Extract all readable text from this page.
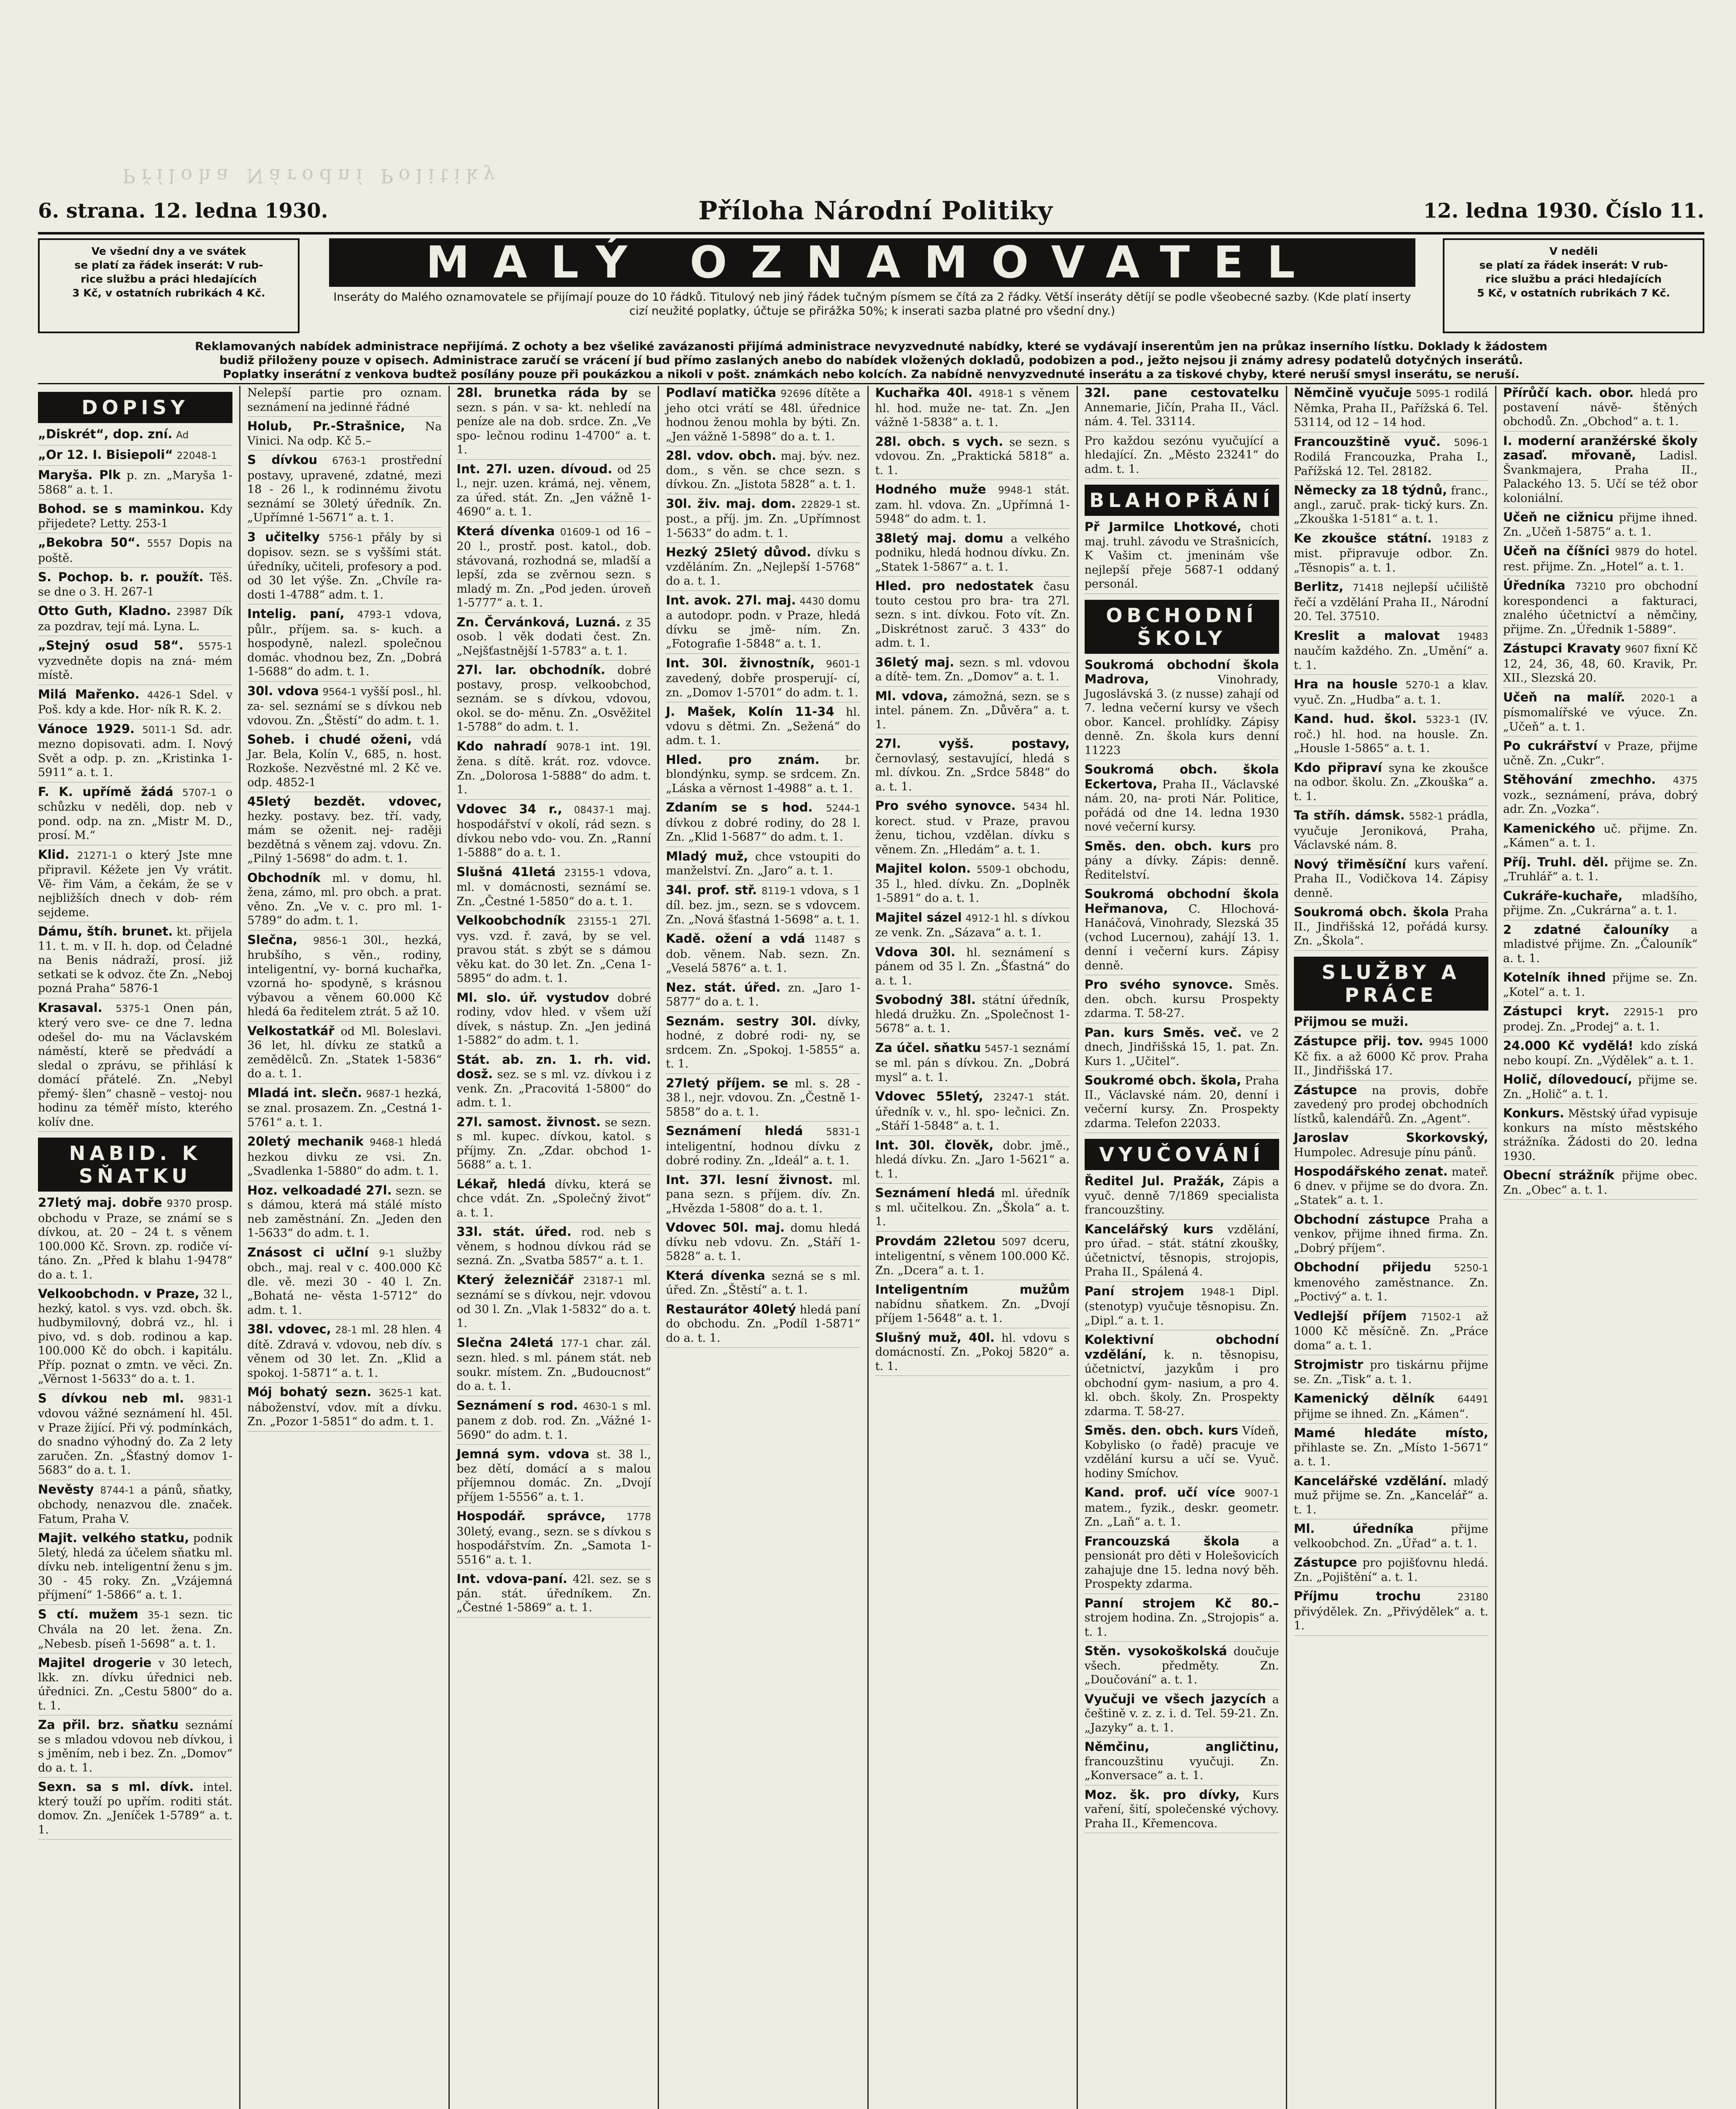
Příloha Národní Politiky
6. strana. 12. ledna 1930.	Příloha Národní Politiky	12. ledna 1930. Číslo 11.
Ve všední dny a ve svátek
se platí za řádek inserát: V rub-
rice službu a práci hledajících
3 Kč, v ostatních rubrikách 4 Kč.
MALÝ OZNAMOVATEL
Inseráty do Malého oznamovatele se přijímají pouze do 10 řádků. Titulový neb jiný řádek tučným písmem se čítá za 2 řádky. Větší inseráty dětíjí se podle všeobecné sazby. (Kde platí inserty cizí neužité poplatky, účtuje se přirážka 50%; k inserati sazba platné pro všední dny.)
V neděli
se platí za řádek inserát: V rub-
rice službu a práci hledajících
5 Kč, v ostatních rubrikách 7 Kč.
Reklamovaných nabídek administrace nepřijímá. Z ochoty a bez všeliké zavázanosti přijímá administrace nevyzvednuté nabídky, které se vydávají inserentům jen na průkaz inserního lístku. Doklady k žádostem
budiž přiloženy pouze v opisech. Administrace zaručí se vrácení jí bud přímo zaslaných anebo do nabídek vložených dokladů, podobizen a pod., ježto nejsou ji známy adresy podatelů dotyčných inserátů.
Poplatky inserátní z venkova budtež posílány pouze při poukázkou a nikoli v pošt. známkách nebo kolcích. Za nabídně nenvyzvednuté inserátu a za tiskové chyby, které neruší smysl inserátu, se neruší.
DOPISY
„Diskrét“, dop. zní. Ad
„Or 12. I. Bisiepoli“ 22048-1
Maryša. Plk p. zn. „Maryša 1-5868“ a. t. 1.
Bohod. se s maminkou. Kdy přijedete? Letty. 253-1
„Bekobra 50“. 5557 Dopis na poště.
S. Pochop. b. r. použít. Těš. se dne o 3. H. 267-1
Otto Guth, Kladno. 23987 Dík za pozdrav, tejí má. Lyna. L.
„Stejný osud 58“. 5575-1 vyzvedněte dopis na zná- mém místě.
Milá Mařenko. 4426-1 Sdel. v Poš. kdy a kde. Hor- ník R. K. 2.
Vánoce 1929. 5011-1 Sd. adr. mezno dopisovati. adm. I. Nový Svět a odp. p. zn. „Kristinka 1-5911“ a. t. 1.
F. K. upřímě žádá 5707-1 o schůzku v neděli, dop. neb v pond. odp. na zn. „Mistr M. D., prosí. M.“
Klid. 21271-1 o který Jste mne připravil. Kéžete jen Vy vrátit. Vě- řim Vám, a čekám, že se v nejbližších dnech v dob- rém sejdeme.
Dámu, štíh. brunet. kt. přijela 11. t. m. v II. h. dop. od Čeladné na Benis nádraží, prosí. již setkati se k odvoz. čte Zn. „Neboj pozná Praha“ 5876-1
Krasaval. 5375-1 Onen pán, který vero sve- ce dne 7. ledna odešel do- mu na Václavském náměstí, kterě se předvádí a sledal o zprávu, se přihlásí k domácí přátelé. Zn. „Nebyl přemý- šlen“ chasně – vestoj- nou hodinu za téměř místo, kterého kolív dne.
NABID. K SŇATKU
27letý maj. dobře 9370 prosp. obchodu v Praze, se známí se s dívkou, at. 20 – 24 t. s věnem 100.000 Kč. Srovn. zp. rodiče ví- táno. Zn. „Před k blahu 1-9478“ do a. t. 1.
Velkoobchodn. v Praze, 32 l., hezký, katol. s vys. vzd. obch. šk. hudbymilovný, dobrá vz., hl. i pivo, vd. s dob. rodinou a kap. 100.000 Kč do obch. i kapitálu. Příp. poznat o zmtn. ve věci. Zn. „Věrnost 1-5633“ do a. t. 1.
S dívkou neb ml. 9831-1 vdovou vážné seznámení hl. 45l. v Praze žijící. Při vý. podmínkách, do snadno výhodný do. Za 2 lety zaručen. Zn. „Šťastný domov 1-5683“ do a. t. 1.
Nevěsty 8744-1 a pánů, sňatky, obchody, nenazvou dle. značek. Fatum, Praha V.
Majit. velkého statku, podnik 5letý, hledá za účelem sňatku ml. dívku neb. inteligentní ženu s jm. 30 - 45 roky. Zn. „Vzájemná příjmení“ 1-5866“ a. t. 1.
S ctí. mužem 35-1 sezn. tic Chvála na 20 let. žena. Zn. „Nebesb. píseň 1-5698“ a. t. 1.
Majitel drogerie v 30 letech, lkk. zn. dívku úřednici neb. úřednici. Zn. „Cestu 5800“ do a. t. 1.
Za přil. brz. sňatku seznámí se s mladou vdovou neb dívkou, i s jměním, neb i bez. Zn. „Domov“ do a. t. 1.
Sexn. sa s ml. dívk. intel. který touží po upřím. roditi stát. domov. Zn. „Jeníček 1-5789“ a. t. 1.
Nelepší partie pro oznam. seznámení na jedinné řádné
Holub, Pr.-Strašnice, Na Vinici. Na odp. Kč 5.–
S dívkou 6763-1 prostřední postavy, upravené, zdatné, mezi 18 - 26 l., k rodinnému životu seznámí se 30letý úředník. Zn. „Upřímné 1-5671“ a. t. 1.
3 učitelky 5756-1 přály by si dopisov. sezn. se s vyššími stát. úředníky, učiteli, profesory a pod. od 30 let výše. Zn. „Chvíle ra- dosti 1-4788“ adm. t. 1.
Intelig. paní, 4793-1 vdova, půlr., příjem. sa. s- kuch. a hospodyně, nalezl. společnou domác. vhodnou bez, Zn. „Dobrá 1-5688“ do adm. t. 1.
30l. vdova 9564-1 vyšší posl., hl. za- sel. seznámí se s dívkou neb vdovou. Zn. „Štěstí“ do adm. t. 1.
Soheb. i chudé oženi, vdá Jar. Bela, Kolín V., 685, n. host. Rozkoše. Nezvěstné ml. 2 Kč ve. odp. 4852-1
45letý bezdět. vdovec, hezky. postavy. bez. tří. vady, mám se oženit. nej- raději bezdětná s věnem zaj. vdovu. Zn. „Pilný 1-5698“ do adm. t. 1.
Obchodník ml. v domu, hl. žena, zámo, ml. pro obch. a prat. věno. Zn. „Ve v. c. pro ml. 1- 5789“ do adm. t. 1.
Slečna, 9856-1 30l., hezká, hrubšího, s věn., rodiny, inteligentní, vy- borná kuchařka, vzorná ho- spodyně, s krásnou výbavou a věnem 60.000 Kč hledá 6a ředitelem ztrát. 5 až 10.
Velkostatkář od Ml. Boleslavi. 36 let, hl. dívku ze statků a zemědělců. Zn. „Statek 1-5836“ do a. t. 1.
Mladá int. slečn. 9687-1 hezká, se znal. prosazem. Zn. „Cestná 1-5761“ a. t. 1.
20letý mechanik 9468-1 hledá hezkou divku ze vsi. Zn. „Svadlenka 1-5880“ do adm. t. 1.
Hoz. velkoadadé 27l. sezn. se s dámou, která má stálé místo neb zaměstnání. Zn. „Jeden den 1-5633“ do adm. t. 1.
Znásost ci učlní 9-1 služby obch., maj. real v c. 400.000 Kč dle. vě. mezi 30 - 40 l. Zn. „Bohatá ne- věsta 1-5712“ do adm. t. 1.
38l. vdovec, 28-1 ml. 28 hlen. 4 dítě. Zdravá v. vdovou, neb dív. s věnem od 30 let. Zn. „Klid a spokoj. 1-5871“ a. t. 1.
Mój bohatý sezn. 3625-1 kat. náboženství, vdov. mít a dívku. Zn. „Pozor 1-5851“ do adm. t. 1.
28l. brunetka ráda by se sezn. s pán. v sa- kt. nehledí na peníze ale na dob. srdce. Zn. „Ve spo- lečnou rodinu 1-4700“ a. t. 1.
Int. 27l. uzen. dívoud. od 25 l., nejr. uzen. krámá, nej. věnem, za úřed. stát. Zn. „Jen vážně 1-4690“ a. t. 1.
Která dívenka 01609-1 od 16 – 20 l., prostř. post. katol., dob. stávovaná, rozhodná se, mladší a lepší, zda se zvěrnou sezn. s mladý m. Zn. „Pod jeden. úroveň 1-5777“ a. t. 1.
Zn. Červánková, Luzná. z 35 osob. l věk dodati čest. Zn. „Nejšťastnější 1-5783“ a. t. 1.
27l. lar. obchodník. dobré postavy, prosp. velkoobchod, seznám. se s dívkou, vdovou, okol. se do- měnu. Zn. „Osvěžitel 1-5788“ do adm. t. 1.
Kdo nahradí 9078-1 int. 19l. žena. s dítě. krát. roz. vdovce. Zn. „Dolorosa 1-5888“ do adm. t. 1.
Vdovec 34 r., 08437-1 maj. hospodářství v okolí, rád sezn. s dívkou nebo vdo- vou. Zn. „Ranní 1-5888“ do a. t. 1.
Slušná 41letá 23155-1 vdova, ml. v domácnosti, seznámí se. Zn. „Čestné 1-5850“ do a. t. 1.
Velkoobchodník 23155-1 27l. vys. vzd. ř. zavá, by se vel. pravou stát. s zbýt se s dámou věku kat. do 30 let. Zn. „Cena 1-5895“ do adm. t. 1.
Ml. slo. úř. vystudov dobré rodiny, vdov hled. v všem uží dívek, s nástup. Zn. „Jen jediná 1-5882“ do adm. t. 1.
Stát. ab. zn. 1. rh. vid. dosž. sez. se s ml. vz. dívkou i z venk. Zn. „Pracovitá 1-5800“ do adm. t. 1.
27l. samost. živnost. se sezn. s ml. kupec. dívkou, katol. s příjmy. Zn. „Zdar. obchod 1-5688“ a. t. 1.
Lékař, hledá dívku, která se chce vdát. Zn. „Společný život“ a. t. 1.
33l. stát. úřed. rod. neb s věnem, s hodnou dívkou rád se sezná. Zn. „Svatba 5857“ a. t. 1.
Který železničář 23187-1 ml. seznámí se s dívkou, nejr. vdovou od 30 l. Zn. „Vlak 1-5832“ do a. t. 1.
Slečna 24letá 177-1 char. zál. sezn. hled. s ml. pánem stát. neb soukr. místem. Zn. „Budoucnost“ do a. t. 1.
Seznámení s rod. 4630-1 s ml. panem z dob. rod. Zn. „Vážné 1-5690“ do adm. t. 1.
Jemná sym. vdova st. 38 l., bez dětí, domácí a s malou příjemnou domác. Zn. „Dvojí příjem 1-5556“ a. t. 1.
Hospodář. správce, 1778 30letý, evang., sezn. se s dívkou s hospodářstvím. Zn. „Samota 1-5516“ a. t. 1.
Int. vdova-paní. 42l. sez. se s pán. stát. úředníkem. Zn. „Čestné 1-5869“ a. t. 1.
Podlaví matička 92696 dítěte a jeho otci vrátí se 48l. úřednice hodnou ženou mohla by býti. Zn. „Jen vážně 1-5898“ do a. t. 1.
28l. vdov. obch. maj. býv. nez. dom., s věn. se chce sezn. s dívkou. Zn. „Jistota 5828“ a. t. 1.
30l. živ. maj. dom. 22829-1 st. post., a příj. jm. Zn. „Upřímnost 1-5633“ do adm. t. 1.
Hezký 25letý důvod. dívku s vzděláním. Zn. „Nejlepší 1-5768“ do a. t. 1.
Int. avok. 27l. maj. 4430 domu a autodopr. podn. v Praze, hledá dívku se jmě- ním. Zn. „Fotografie 1-5848“ a. t. 1.
Int. 30l. živnostník, 9601-1 zavedený, dobře prosperují- cí, zn. „Domov 1-5701“ do adm. t. 1.
J. Mašek, Kolín 11-34 hl. vdovu s dětmi. Zn. „Sežená“ do adm. t. 1.
Hled. pro znám. br. blondýnku, symp. se srdcem. Zn. „Láska a věrnost 1-4988“ a. t. 1.
Zdaním se s hod. 5244-1 dívkou z dobré rodiny, do 28 l. Zn. „Klid 1-5687“ do adm. t. 1.
Mladý muž, chce vstoupiti do manželství. Zn. „Jaro“ a. t. 1.
34l. prof. stř. 8119-1 vdova, s 1 díl. bez. jm., sezn. se s vdovcem. Zn. „Nová šťastná 1-5698“ a. t. 1.
Kadě. ožení a vdá 11487 s dob. věnem. Nab. sezn. Zn. „Veselá 5876“ a. t. 1.
Nez. stát. úřed. zn. „Jaro 1-5877“ do a. t. 1.
Seznám. sestry 30l. dívky, hodné, z dobré rodi- ny, se srdcem. Zn. „Spokoj. 1-5855“ a. t. 1.
27letý příjem. se ml. s. 28 - 38 l., nejr. vdovou. Zn. „Čestně 1-5858“ do a. t. 1.
Seznámení hledá 5831-1 inteligentní, hodnou dívku z dobré rodiny. Zn. „Ideál“ a. t. 1.
Int. 37l. lesní živnost. ml. pana sezn. s příjem. dív. Zn. „Hvězda 1-5808“ do a. t. 1.
Vdovec 50l. maj. domu hledá dívku neb vdovu. Zn. „Stáří 1-5828“ a. t. 1.
Která dívenka sezná se s ml. úřed. Zn. „Štěstí“ a. t. 1.
Restaurátor 40letý hledá paní do obchodu. Zn. „Podíl 1-5871“ do a. t. 1.
Kuchařka 40l. 4918-1 s věnem hl. hod. muže ne- tat. Zn. „Jen vážně 1-5838“ a. t. 1.
28l. obch. s vych. se sezn. s vdovou. Zn. „Praktická 5818“ a. t. 1.
Hodného muže 9948-1 stát. zam. hl. vdova. Zn. „Upřímná 1-5948“ do adm. t. 1.
38letý maj. domu a velkého podniku, hledá hodnou dívku. Zn. „Statek 1-5867“ a. t. 1.
Hled. pro nedostatek času touto cestou pro bra- tra 27l. sezn. s int. dívkou. Foto vít. Zn. „Diskrétnost zaruč. 3 433“ do adm. t. 1.
36letý maj. sezn. s ml. vdovou a dítě- tem. Zn. „Domov“ a. t. 1.
Ml. vdova, zámožná, sezn. se s intel. pánem. Zn. „Důvěra“ a. t. 1.
27l. vyšš. postavy, černovlasý, sestavující, hledá s ml. dívkou. Zn. „Srdce 5848“ do a. t. 1.
Pro svého synovce. 5434 hl. korect. stud. v Praze, pravou ženu, tichou, vzdělan. dívku s věnem. Zn. „Hledám“ a. t. 1.
Majitel kolon. 5509-1 obchodu, 35 l., hled. dívku. Zn. „Doplněk 1-5891“ do a. t. 1.
Majitel sázel 4912-1 hl. s dívkou ze venk. Zn. „Sázava“ a. t. 1.
Vdova 30l. hl. seznámení s pánem od 35 l. Zn. „Šťastná“ do a. t. 1.
Svobodný 38l. státní úředník, hledá družku. Zn. „Společnost 1-5678“ a. t. 1.
Za účel. sňatku 5457-1 seznámí se ml. pán s dívkou. Zn. „Dobrá mysl“ a. t. 1.
Vdovec 55letý, 23247-1 stát. úředník v. v., hl. spo- lečnici. Zn. „Stáří 1-5848“ a. t. 1.
Int. 30l. člověk, dobr. jmě., hledá dívku. Zn. „Jaro 1-5621“ a. t. 1.
Seznámení hledá ml. úředník s ml. učitelkou. Zn. „Škola“ a. t. 1.
Provdám 22letou 5097 dceru, inteligentní, s věnem 100.000 Kč. Zn. „Dcera“ a. t. 1.
Inteligentním mužům nabídnu sňatkem. Zn. „Dvojí příjem 1-5648“ a. t. 1.
Slušný muž, 40l. hl. vdovu s domácností. Zn. „Pokoj 5820“ a. t. 1.
32l. pane cestovatelku Annemarie, Jičín, Praha II., Václ. nám. 4. Tel. 33114.
Pro každou sezónu vyučující a hledající. Zn. „Město 23241“ do adm. t. 1.
BLAHOPŘÁNÍ
Př Jarmilce Lhotkové, choti maj. truhl. závodu ve Strašnicích, K Vašim ct. jmeninám vše nejlepší přeje 5687-1 oddaný personál.
OBCHODNÍ ŠKOLY
Soukromá obchodní škola Madrova,	Vinohrady, Jugoslávská 3. (z nusse) zahají od 7. ledna večerní kursy ve všech obor. Kancel. prohlídky. Zápisy denně. Zn. škola kurs denní 11223
Soukromá obch. škola Eckertova, Praha II., Václavské nám. 20, na- proti Nár. Politice, pořádá od dne 14. ledna 1930 nové večerní kursy.
Směs. den. obch. kurs pro pány a dívky. Zápis: denně. Ředitelství.
Soukromá obchodní škola Heřmanova, C. Hlochová-Hanáčová, Vinohrady, Slezská 35 (vchod Lucernou), zahájí 13. 1. denní i večerní kurs. Zápisy denně.
Pro svého synovce. Směs. den. obch. kursu Prospekty zdarma. T. 58-27.
Pan. kurs Směs. več. ve 2 dnech, Jindřišská 15, 1. pat. Zn. Kurs 1. „Učitel“.
Soukromé obch. škola, Praha II., Václavské nám. 20, denní i večerní kursy. Zn. Prospekty zdarma. Telefon 22033.
VYUČOVÁNÍ
Ředitel Jul. Pražák, Zápis a vyuč. denně 7/1869 specialista francouzštiny.
Kancelářský kurs vzdělání, pro úřad. – stát. státní zkoušky, účetnictví, těsnopis, strojopis, Praha II., Spálená 4.
Paní strojem 1948-1 Dipl. (stenotyp) vyučuje těsnopisu. Zn. „Dipl.“ a. t. 1.
Kolektivní obchodní vzdělání, k. n. těsnopisu, účetnictví, jazykům i pro obchodní gym- nasium, a pro 4. kl. obch. školy. Zn. Prospekty zdarma. T. 58-27.
Směs. den. obch. kurs Vídeň, Kobylisko (o řadě) pracuje ve vzdělání kursu a učí se. Vyuč. hodiny Smíchov.
Kand. prof. učí více 9007-1 matem., fyzik., deskr. geometr. Zn. „Laň“ a. t. 1.
Francouzská škola	a pensionát pro děti v Holešovicích zahajuje dne 15. ledna nový běh. Prospekty zdarma.
Panní strojem Kč 80.– strojem hodina. Zn. „Strojopis“ a. t. 1.
Stěn. vysokoškolská doučuje všech. předměty. Zn. „Doučování“ a. t. 1.
Vyučuji ve všech jazycích a češtině v. z. z. i. d. Tel. 59-21. Zn. „Jazyky“ a. t. 1.
Němčinu, angličtinu, francouzštinu vyučuji. Zn. „Konversace“ a. t. 1.
Moz. šk. pro dívky, Kurs vaření, šití, společenské výchovy. Praha II., Křemencova.
Němčině vyučuje 5095-1 rodilá Němka, Praha II., Pařížská 6. Tel. 53114, od 12 – 14 hod.
Francouzštině vyuč. 5096-1 Rodilá Francouzka, Praha I., Pařížská 12. Tel. 28182.
Německy za 18 týdnů, franc., angl., zaruč. prak- tický kurs. Zn. „Zkouška 1-5181“ a. t. 1.
Ke zkoušce státní. 19183 z mist. připravuje odbor. Zn. „Těsnopis“ a. t. 1.
Berlitz, 71418 nejlepší učiliště řečí a vzdělání Praha II., Národní 20. Tel. 37510.
Kreslit a malovat 19483 naučím každého. Zn. „Umění“ a. t. 1.
Hra na housle 5270-1 a klav. vyuč. Zn. „Hudba“ a. t. 1.
Kand. hud. škol. 5323-1 (IV. roč.) hl. hod. na housle. Zn. „Housle 1-5865“ a. t. 1.
Kdo připraví syna ke zkoušce na odbor. školu. Zn. „Zkouška“ a. t. 1.
Ta stříh. dámsk. 5582-1 prádla, vyučuje Jeroniková, Praha, Václavské nám. 8.
Nový třiměsíční kurs vaření. Praha II., Vodičkova 14. Zápisy denně.
Soukromá obch. škola Praha II., Jindřišská 12, pořádá kursy. Zn. „Škola“.
SLUŽBY A PRÁCE
Přijmou se muži.
Zástupce přij. tov. 9945 1000 Kč fix. a až 6000 Kč prov. Praha II., Jindřišská 17.
Zástupce na provis, dobře zavedený pro prodej obchodních lístků, kalendářů. Zn. „Agent“.
Jaroslav Skorkovský, Humpolec. Adresuje pínu pánů.
Hospodářského zenat. mateř. 6 dnev. v přijme se do dvora. Zn. „Statek“ a. t. 1.
Obchodní zástupce Praha a venkov, přijme ihned firma. Zn. „Dobrý příjem“.
Obchodní přijedu 5250-1 kmenového zaměstnance. Zn. „Poctivý“ a. t. 1.
Vedlejší příjem 71502-1 až 1000 Kč měsíčně. Zn. „Práce doma“ a. t. 1.
Strojmistr pro tiskárnu přijme se. Zn. „Tisk“ a. t. 1.
Kamenický dělník 64491 přijme se ihned. Zn. „Kámen“.
Mamé hledáte místo, přihlaste se. Zn. „Místo 1-5671“ a. t. 1.
Kancelářské vzdělání. mladý muž přijme se. Zn. „Kancelář“ a. t. 1.
Ml. úředníka	přijme velkoobchod. Zn. „Úřad“ a. t. 1.
Zástupce pro pojišťovnu hledá. Zn. „Pojištění“ a. t. 1.
Příjmu trochu	23180 přivýdělek. Zn. „Přivýdělek“ a. t. 1.
Přírůčí kach. obor. hledá pro postavení návě- štěných obchodů. Zn. „Obchod“ a. t. 1.
I. moderní aranžérské školy zasaď. mřovaně, Ladisl. Švankmajera, Praha II., Palackého 13. 5. Učí se též obor koloniální.
Učeň ne cižnicu přijme ihned. Zn. „Učeň 1-5875“ a. t. 1.
Učeň na číšníci 9879 do hotel. rest. přijme. Zn. „Hotel“ a. t. 1.
Úředníka 73210 pro obchodní korespondenci a fakturaci, znalého účetnictví a němčiny, přijme. Zn. „Úřednik 1-5889“.
Zástupci Kravaty 9607 fixní Kč 12, 24, 36, 48, 60. Kravik, Pr. XII., Slezská 20.
Učeň na malíř. 2020-1 a písmomalířské ve výuce. Zn. „Učeň“ a. t. 1.
Po cukrářství v Praze, přijme učně. Zn. „Cukr“.
Stěhování zmechho. 4375 vozk., seznámení, práva, dobrý adr. Zn. „Vozka“.
Kamenického uč. přijme. Zn. „Kámen“ a. t. 1.
Příj. Truhl. děl. přijme se. Zn. „Truhlář“ a. t. 1.
Cukráře-kuchaře, mladšího, přijme. Zn. „Cukrárna“ a. t. 1.
2 zdatné čalouníky a mladistvé přijme. Zn. „Čalouník“ a. t. 1.
Kotelník ihned přijme se. Zn. „Kotel“ a. t. 1.
Zástupci kryt. 22915-1 pro prodej. Zn. „Prodej“ a. t. 1.
24.000 Kč vydělá! kdo získá nebo koupí. Zn. „Výdělek“ a. t. 1.
Holič, dílovedoucí, přijme se. Zn. „Holič“ a. t. 1.
Konkurs. Městský úřad vypisuje konkurs na místo městského strážníka. Žádosti do 20. ledna 1930.
Obecní strážník přijme obec. Zn. „Obec“ a. t. 1.
